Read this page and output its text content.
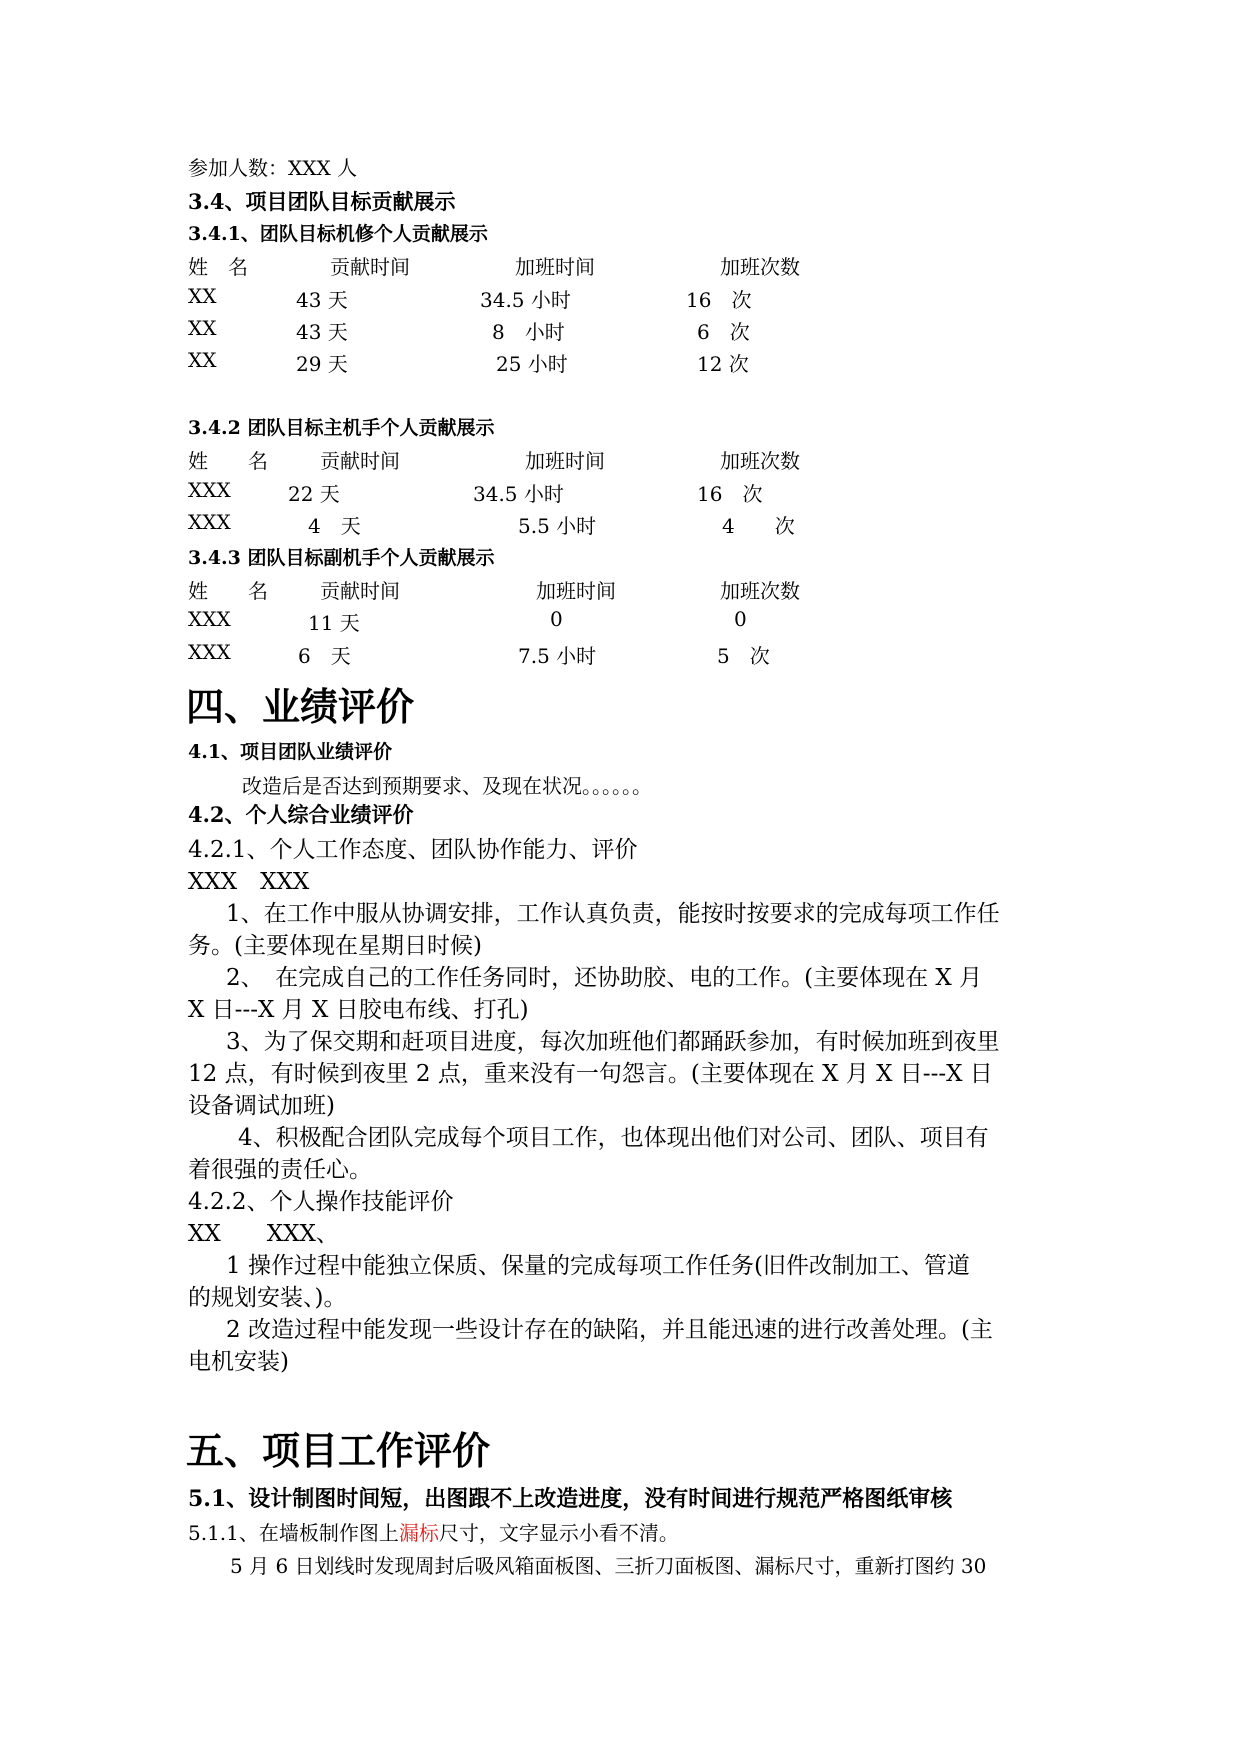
参加人数：XXX 人
3.4、项目团队目标贡献展示
3.4.1、团队目标机修个人贡献展示
姓　名	贡献时间	加班时间	加班次数
XX	43 天	34.5 小时	16　次
XX	43 天	8　小时	6　次
XX	29 天	25 小时	12 次
3.4.2 团队目标主机手个人贡献展示
姓　　名	贡献时间	加班时间	加班次数
XXX	22 天	34.5 小时	16　次
XXX	4　天	5.5 小时	4　　次
3.4.3 团队目标副机手个人贡献展示
姓　　名	贡献时间	加班时间	加班次数
XXX	11 天	0	0
XXX	6　天	7.5 小时	5　次
四、业绩评价
4.1、项目团队业绩评价
改造后是否达到预期要求、及现在状况。。。。。。
4.2、个人综合业绩评价
4.2.1、个人工作态度、团队协作能力、评价
XXX　XXX
1、在工作中服从协调安排，工作认真负责，能按时按要求的完成每项工作任
务。(主要体现在星期日时候)
2、　在完成自己的工作任务同时，还协助胶、电的工作。(主要体现在 X 月
X 日---X 月 X 日胶电布线、打孔)
3、为了保交期和赶项目进度，每次加班他们都踊跃参加，有时候加班到夜里
12 点，有时候到夜里 2 点，重来没有一句怨言。(主要体现在 X 月 X 日---X 日
设备调试加班)
4、积极配合团队完成每个项目工作，也体现出他们对公司、团队、项目有
着很强的责任心。
4.2.2、个人操作技能评价
XX　　XXX、
1 操作过程中能独立保质、保量的完成每项工作任务(旧件改制加工、管道
的规划安装、)。
2 改造过程中能发现一些设计存在的缺陷，并且能迅速的进行改善处理。(主
电机安装)
五、项目工作评价
5.1、设计制图时间短，出图跟不上改造进度，没有时间进行规范严格图纸审核
5.1.1、在墙板制作图上漏标尺寸，文字显示小看不清。
5 月 6 日划线时发现周封后吸风箱面板图、三折刀面板图、漏标尺寸，重新打图约 30
